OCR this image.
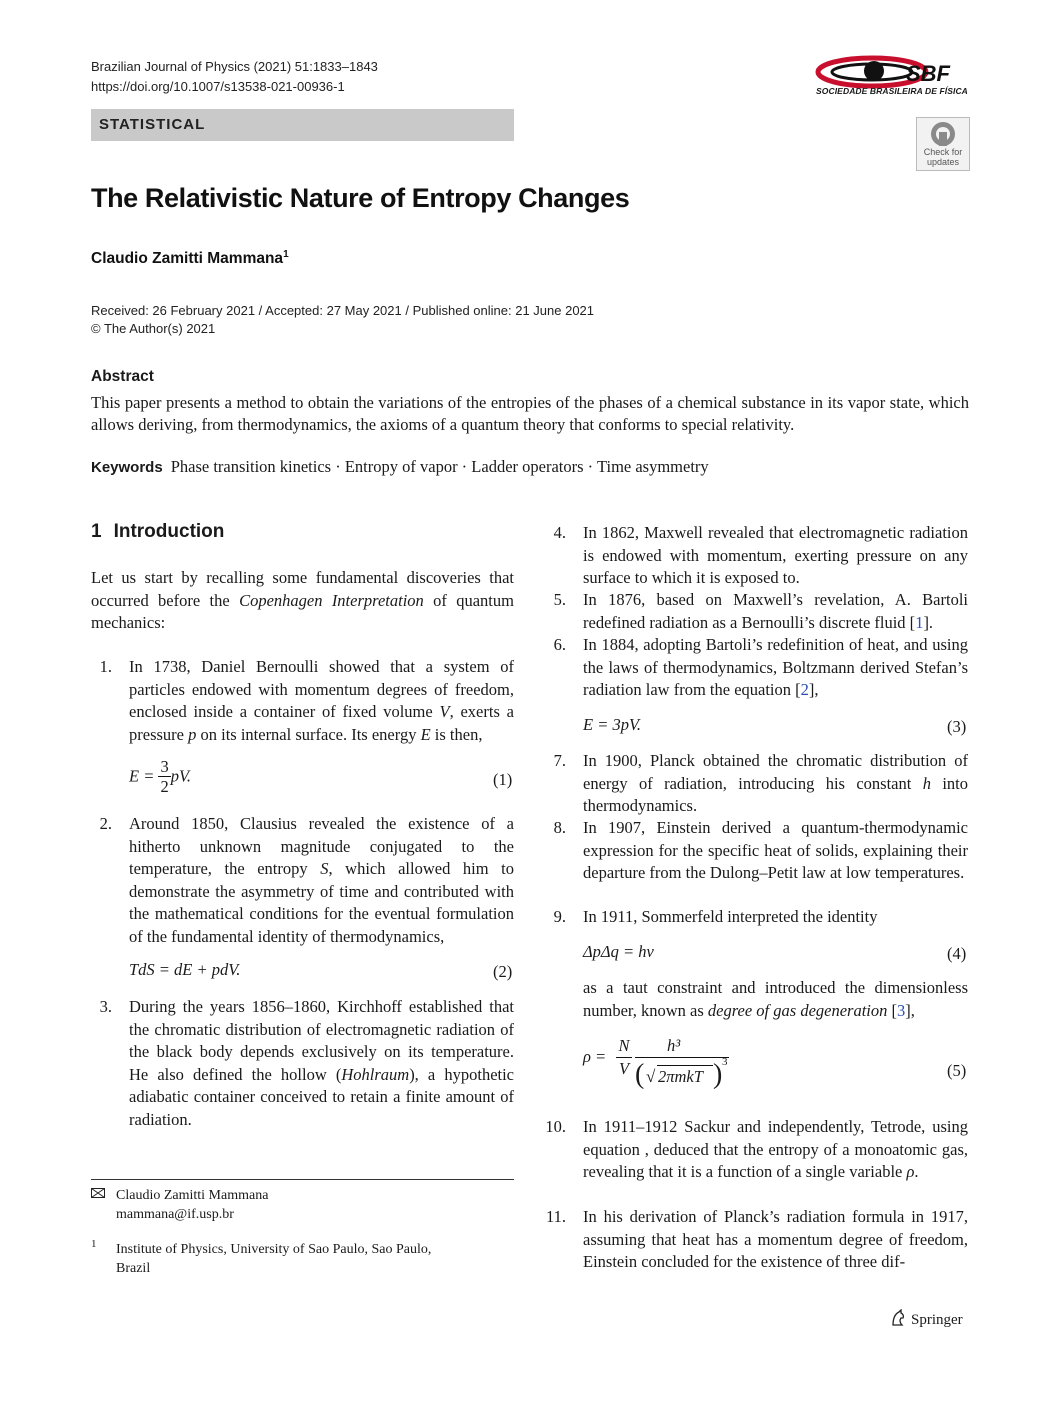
Brazilian Journal of Physics (2021) 51:1833–1843
https://doi.org/10.1007/s13538-021-00936-1
STATISTICAL
SBF
SOCIEDADE BRASILEIRA DE FÍSICA
Check for updates
The Relativistic Nature of Entropy Changes
Claudio Zamitti Mammana$^1$
Received: 26 February 2021 / Accepted: 27 May 2021 / Published online: 21 June 2021
© The Author(s) 2021
Abstract
This paper presents a method to obtain the variations of the entropies of the phases of a chemical substance in its vapor state, which allows deriving, from thermodynamics, the axioms of a quantum theory that conforms to special relativity.
Keywords Phase transition kinetics · Entropy of vapor · Ladder operators · Time asymmetry
1 Introduction
Let us start by recalling some fundamental discoveries that occurred before the Copenhagen Interpretation of quantum mechanics:
1. In 1738, Daniel Bernoulli showed that a system of particles endowed with momentum degrees of freedom, enclosed inside a container of fixed volume V, exerts a pressure p on its internal surface. Its energy E is then,
$E = \frac{3}{2}$ pV.	(1)
2. Around 1850, Clausius revealed the existence of a hitherto unknown magnitude conjugated to the temperature, the entropy S, which allowed him to demonstrate the asymmetry of time and contributed with the mathematical conditions for the eventual formulation of the fundamental identity of thermodynamics,
TdS = dE + pdV.	(2)
3. During the years 1856–1860, Kirchhoff established that the chromatic distribution of electromagnetic radiation of the black body depends exclusively on its temperature. He also defined the hollow (Hohlraum), a hypothetic adiabatic container conceived to retain a finite amount of radiation.
Claudio Zamitti Mammana
mammana@if.usp.br
1 Institute of Physics, University of Sao Paulo, Sao Paulo,
Brazil
4. In 1862, Maxwell revealed that electromagnetic radiation is endowed with momentum, exerting pressure on any surface to which it is exposed to.
5. In 1876, based on Maxwell’s revelation, A. Bartoli redefined radiation as a Bernoulli’s discrete fluid [1].
6. In 1884, adopting Bartoli’s redefinition of heat, and using the laws of thermodynamics, Boltzmann derived Stefan’s radiation law from the equation [2],
E = 3pV.	(3)
7. In 1900, Planck obtained the chromatic distribution of energy of radiation, introducing his constant h into thermodynamics.
8. In 1907, Einstein derived a quantum-thermodynamic expression for the specific heat of solids, explaining their departure from the Dulong–Petit law at low temperatures.
9. In 1911, Sommerfeld interpreted the identity
ΔpΔq = hν	(4)
as a taut constraint and introduced the dimensionless number, known as degree of gas degeneration [3],
ρ =
N
V
h³
( √ 2πmkT ) 3	(5)
10. In 1911–1912 Sackur and independently, Tetrode, using equation , deduced that the entropy of a monoatomic gas, revealing that it is a function of a single variable ρ.
11. In his derivation of Planck’s radiation formula in 1917, assuming that heat has a momentum degree of freedom, Einstein concluded for the existence of three dif-
Springer
